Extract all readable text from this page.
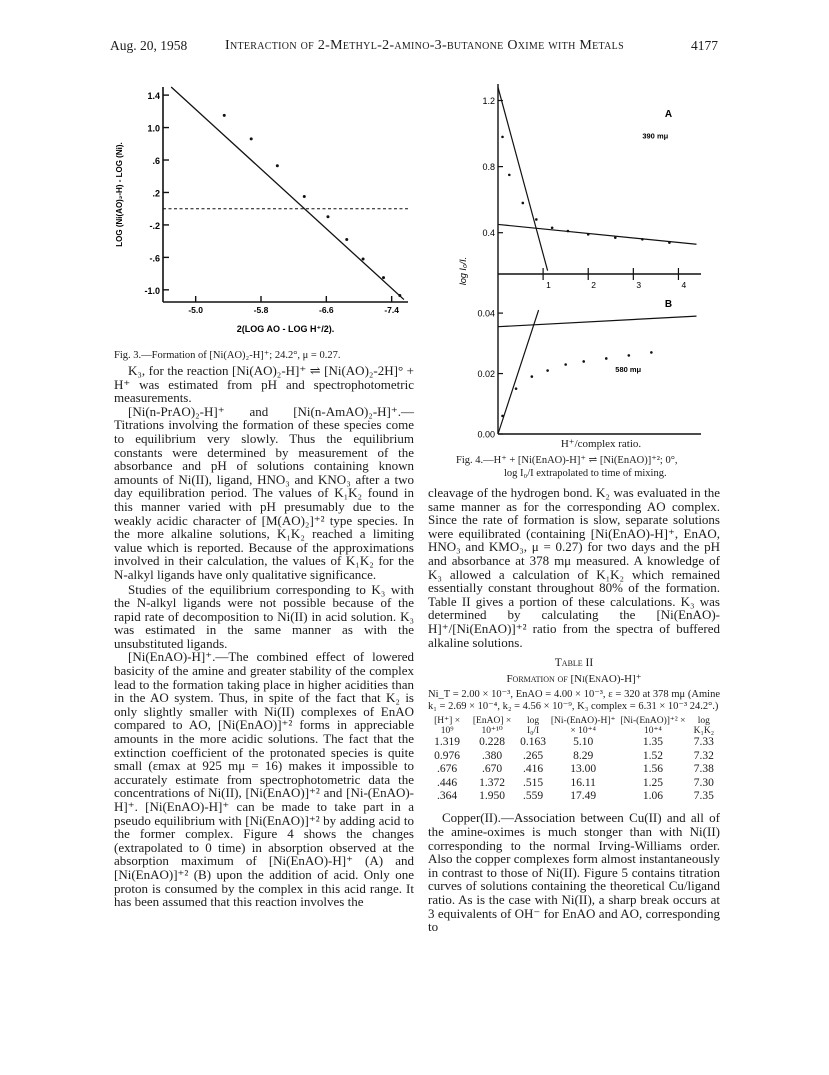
Aug. 20, 1958	Interaction of 2-Methyl-2-amino-3-butanone Oxime with Metals	4177
1.4
1.0
.6
.2
-.2
-.6
-1.0
-5.0	-5.8	-6.6	-7.4
LOG (Ni(AO)₂-H) - LOG (Ni).
2(LOG AO - LOG H⁺/2).
Fig. 3.—Formation of [Ni(AO)₂-H]⁺; 24.2°, μ = 0.27.
1	2	3	4
1.2
0.8
0.4
0.04
0.02
0.00
A
390 mμ
B
580 mμ
log I₀/I.
H⁺/complex ratio.
Fig. 4.—H⁺ + [Ni(EnAO)-H]⁺ ⇌ [Ni(EnAO)]⁺²; 0°,
log I₀/I extrapolated to time of mixing.

K₃, for the reaction [Ni(AO)₂-H]⁺ ⇌ [Ni(AO)₂-2H]° + H⁺ was estimated from pH and spectrophotometric measurements.

[Ni(n-PrAO)₂-H]⁺ and [Ni(n-AmAO)₂-H]⁺.—Titrations involving the formation of these species come to equilibrium very slowly. Thus the equilibrium constants were determined by measurement of the absorbance and pH of solutions containing known amounts of Ni(II), ligand, HNO₃ and KNO₃ after a two day equilibration period. The values of K₁K₂ found in this manner varied with pH presumably due to the weakly acidic character of [M(AO)₂]⁺² type species. In the more alkaline solutions, K₁K₂ reached a limiting value which is reported. Because of the approximations involved in their calculation, the values of K₁K₂ for the N-alkyl ligands have only qualitative significance.

Studies of the equilibrium corresponding to K₃ with the N-alkyl ligands were not possible because of the rapid rate of decomposition to Ni(II) in acid solution. K₃ was estimated in the same manner as with the unsubstituted ligands.

[Ni(EnAO)-H]⁺.—The combined effect of lowered basicity of the amine and greater stability of the complex lead to the formation taking place in higher acidities than in the AO system. Thus, in spite of the fact that K₂ is only slightly smaller with Ni(II) complexes of EnAO compared to AO, [Ni(EnAO)]⁺² forms in appreciable amounts in the more acidic solutions. The fact that the extinction coefficient of the protonated species is quite small (εmax at 925 mμ = 16) makes it impossible to accurately estimate from spectrophotometric data the concentrations of Ni(II), [Ni(EnAO)]⁺² and [Ni-(EnAO)-H]⁺. [Ni(EnAO)-H]⁺ can be made to take part in a pseudo equilibrium with [Ni(EnAO)]⁺² by adding acid to the former complex. Figure 4 shows the changes (extrapolated to 0 time) in absorption observed at the absorption maximum of [Ni(EnAO)-H]⁺ (A) and [Ni(EnAO)]⁺² (B) upon the addition of acid. Only one proton is consumed by the complex in this acid range. It has been assumed that this reaction involves the

cleavage of the hydrogen bond. K₂ was evaluated in the same manner as for the corresponding AO complex. Since the rate of formation is slow, separate solutions were equilibrated (containing [Ni(EnAO)-H]⁺, EnAO, HNO₃ and KMO₃, μ = 0.27) for two days and the pH and absorbance at 378 mμ measured. A knowledge of K₃ allowed a calculation of K₁K₂ which remained essentially constant throughout 80% of the formation. Table II gives a portion of these calculations. K₃ was determined by calculating the [Ni(EnAO)-H]⁺/[Ni(EnAO)]⁺² ratio from the spectra of buffered alkaline solutions.

Table II
Formation of [Ni(EnAO)-H]⁺
Ni_T = 2.00 × 10⁻³, EnAO = 4.00 × 10⁻³, ε = 320 at 378 mμ (Amine k₁ = 2.69 × 10⁻⁴, k₂ = 4.56 × 10⁻⁹, K₃ complex = 6.31 × 10⁻³ 24.2°.)
[H⁺] × 10⁹	[EnAO] × 10⁺¹⁰	log I₀/I	[Ni-(EnAO)-H]⁺ × 10⁺⁴	[Ni-(EnAO)]⁺² × 10⁺⁴	log K₁K₂
1.319	0.228	0.163	5.10	1.35	7.33
0.976	.380	.265	8.29	1.52	7.32
.676	.670	.416	13.00	1.56	7.38
.446	1.372	.515	16.11	1.25	7.30
.364	1.950	.559	17.49	1.06	7.35

Copper(II).—Association between Cu(II) and all of the amine-oximes is much stonger than with Ni(II) corresponding to the normal Irving-Williams order. Also the copper complexes form almost instantaneously in contrast to those of Ni(II). Figure 5 contains titration curves of solutions containing the theoretical Cu/ligand ratio. As is the case with Ni(II), a sharp break occurs at 3 equivalents of OH⁻ for EnAO and AO, corresponding to
